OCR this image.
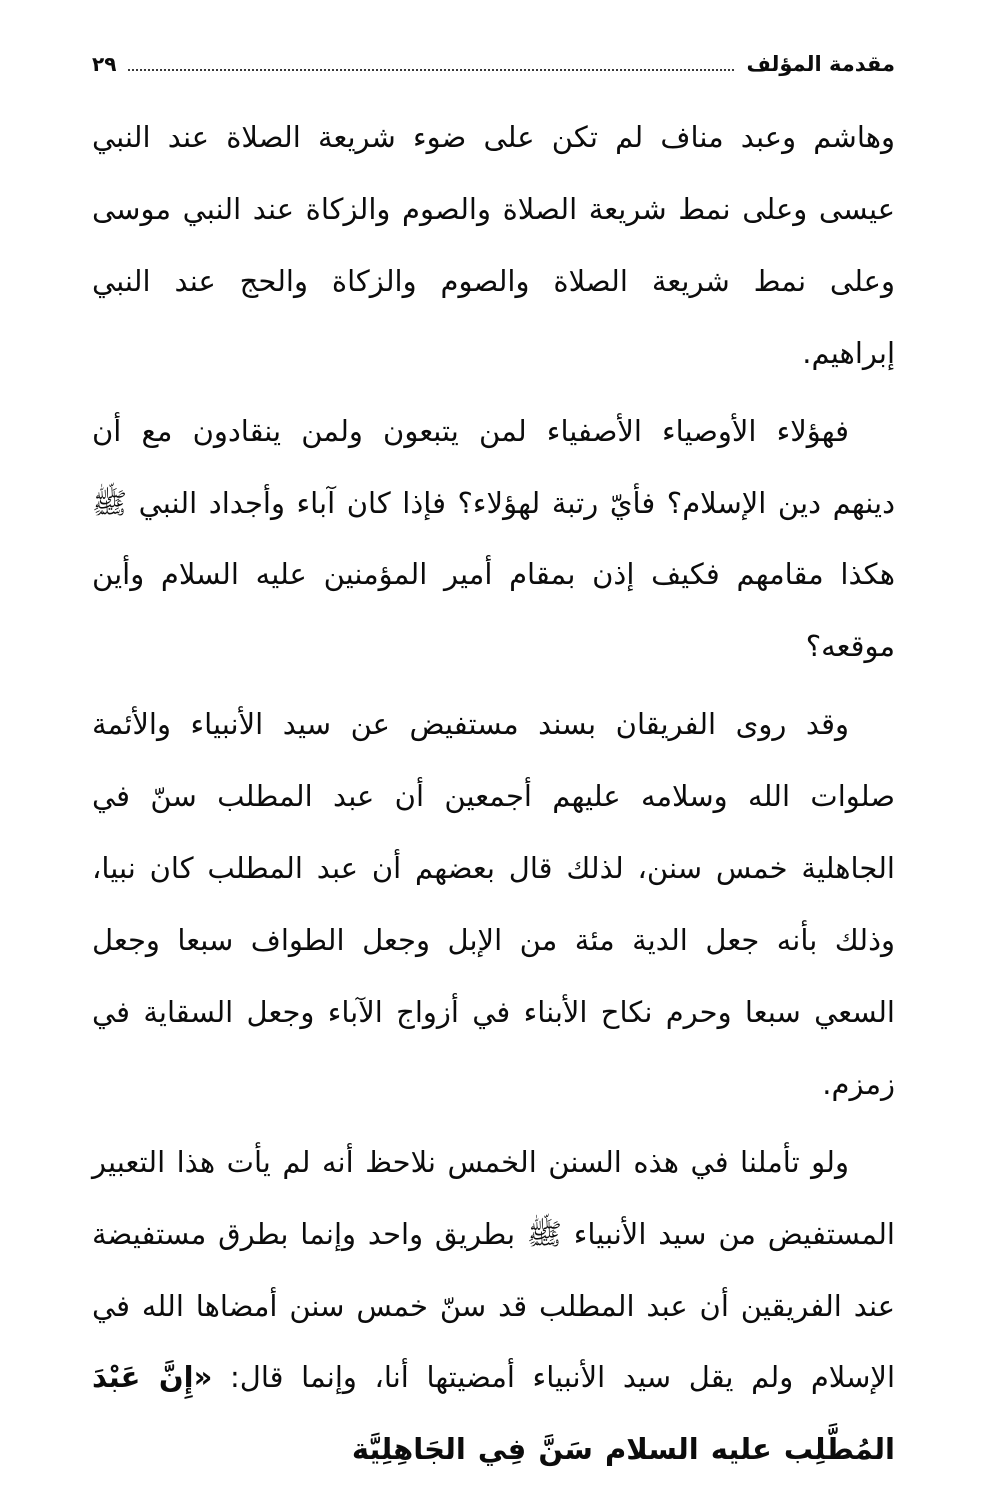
مقدمة المؤلف
٢٩

وهاشم وعبد مناف لم تكن على ضوء شريعة الصلاة عند النبي عيسى وعلى نمط شريعة الصلاة والصوم والزكاة عند النبي موسى وعلى نمط شريعة الصلاة والصوم والزكاة والحج عند النبي إبراهيم.

فهؤلاء الأوصياء الأصفياء لمن يتبعون ولمن ينقادون مع أن دينهم دين الإسلام؟ فأيّ رتبة لهؤلاء؟ فإذا كان آباء وأجداد النبي ﷺ هكذا مقامهم فكيف إذن بمقام أمير المؤمنين عليه السلام وأين موقعه؟

وقد روى الفريقان بسند مستفيض عن سيد الأنبياء والأئمة صلوات الله وسلامه عليهم أجمعين أن عبد المطلب سنّ في الجاهلية خمس سنن، لذلك قال بعضهم أن عبد المطلب كان نبيا، وذلك بأنه جعل الدية مئة من الإبل وجعل الطواف سبعا وجعل السعي سبعا وحرم نكاح الأبناء في أزواج الآباء وجعل السقاية في زمزم.

ولو تأملنا في هذه السنن الخمس نلاحظ أنه لم يأت هذا التعبير المستفيض من سيد الأنبياء ﷺ بطريق واحد وإنما بطرق مستفيضة عند الفريقين أن عبد المطلب قد سنّ خمس سنن أمضاها الله في الإسلام ولم يقل سيد الأنبياء أمضيتها أنا، وإنما قال: «إِنَّ عَبْدَ المُطَّلِب عليه السلام سَنَّ فِي الجَاهِلِيَّة
